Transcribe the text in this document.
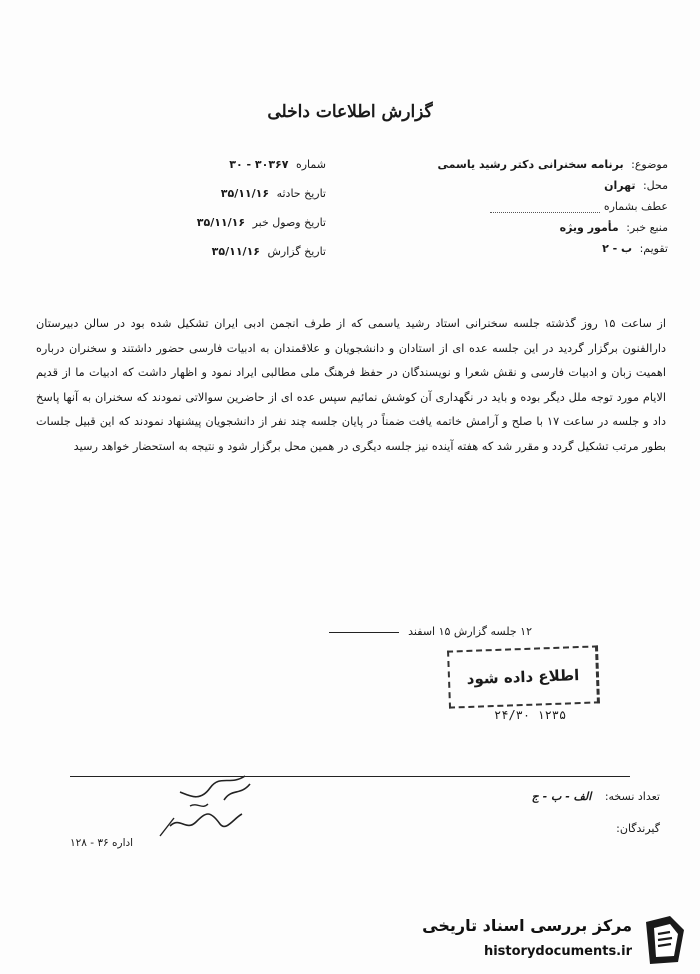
گزارش اطلاعات داخلی
موضوع: برنامه سخنرانی دکتر رشید یاسمی
محل: تهران
عطف بشماره
منبع خبر: مأمور ویژه
تقویم: ب - ۲
شماره ۳۰۳۶۷ - ۳۰
تاریخ حادثه ۳۵/۱۱/۱۶
تاریخ وصول خبر ۳۵/۱۱/۱۶
تاریخ گزارش ۳۵/۱۱/۱۶

از ساعت ۱۵ روز گذشته جلسه سخنرانی استاد رشید یاسمی که از طرف انجمن ادبی ایران تشکیل شده بود در سالن دبیرستان دارالفنون برگزار گردید در این جلسه عده ای از استادان و دانشجویان و علاقمندان به ادبیات فارسی حضور داشتند و سخنران درباره اهمیت زبان و ادبیات فارسی و نقش شعرا و نویسندگان در حفظ فرهنگ ملی مطالبی ایراد نمود و اظهار داشت که ادبیات ما از قدیم الایام مورد توجه ملل دیگر بوده و باید در نگهداری آن کوشش نمائیم سپس عده ای از حاضرین سوالاتی نمودند که سخنران به آنها پاسخ داد و جلسه در ساعت ۱۷ با صلح و آرامش خاتمه یافت ضمناً در پایان جلسه چند نفر از دانشجویان پیشنهاد نمودند که این قبیل جلسات بطور مرتب تشکیل گردد و مقرر شد که هفته آینده نیز جلسه دیگری در همین محل برگزار شود و نتیجه به استحضار خواهد رسید

۱۲ جلسه گزارش ۱۵ اسفند
اطلاع داده شود
۲۴/۳۰ ۱۲۳۵
تعداد نسخه: الف - ب - ج
گیرندگان:
اداره ۳۶ - ۱۲۸
مرکز بررسی اسناد تاریخی
historydocuments.ir
